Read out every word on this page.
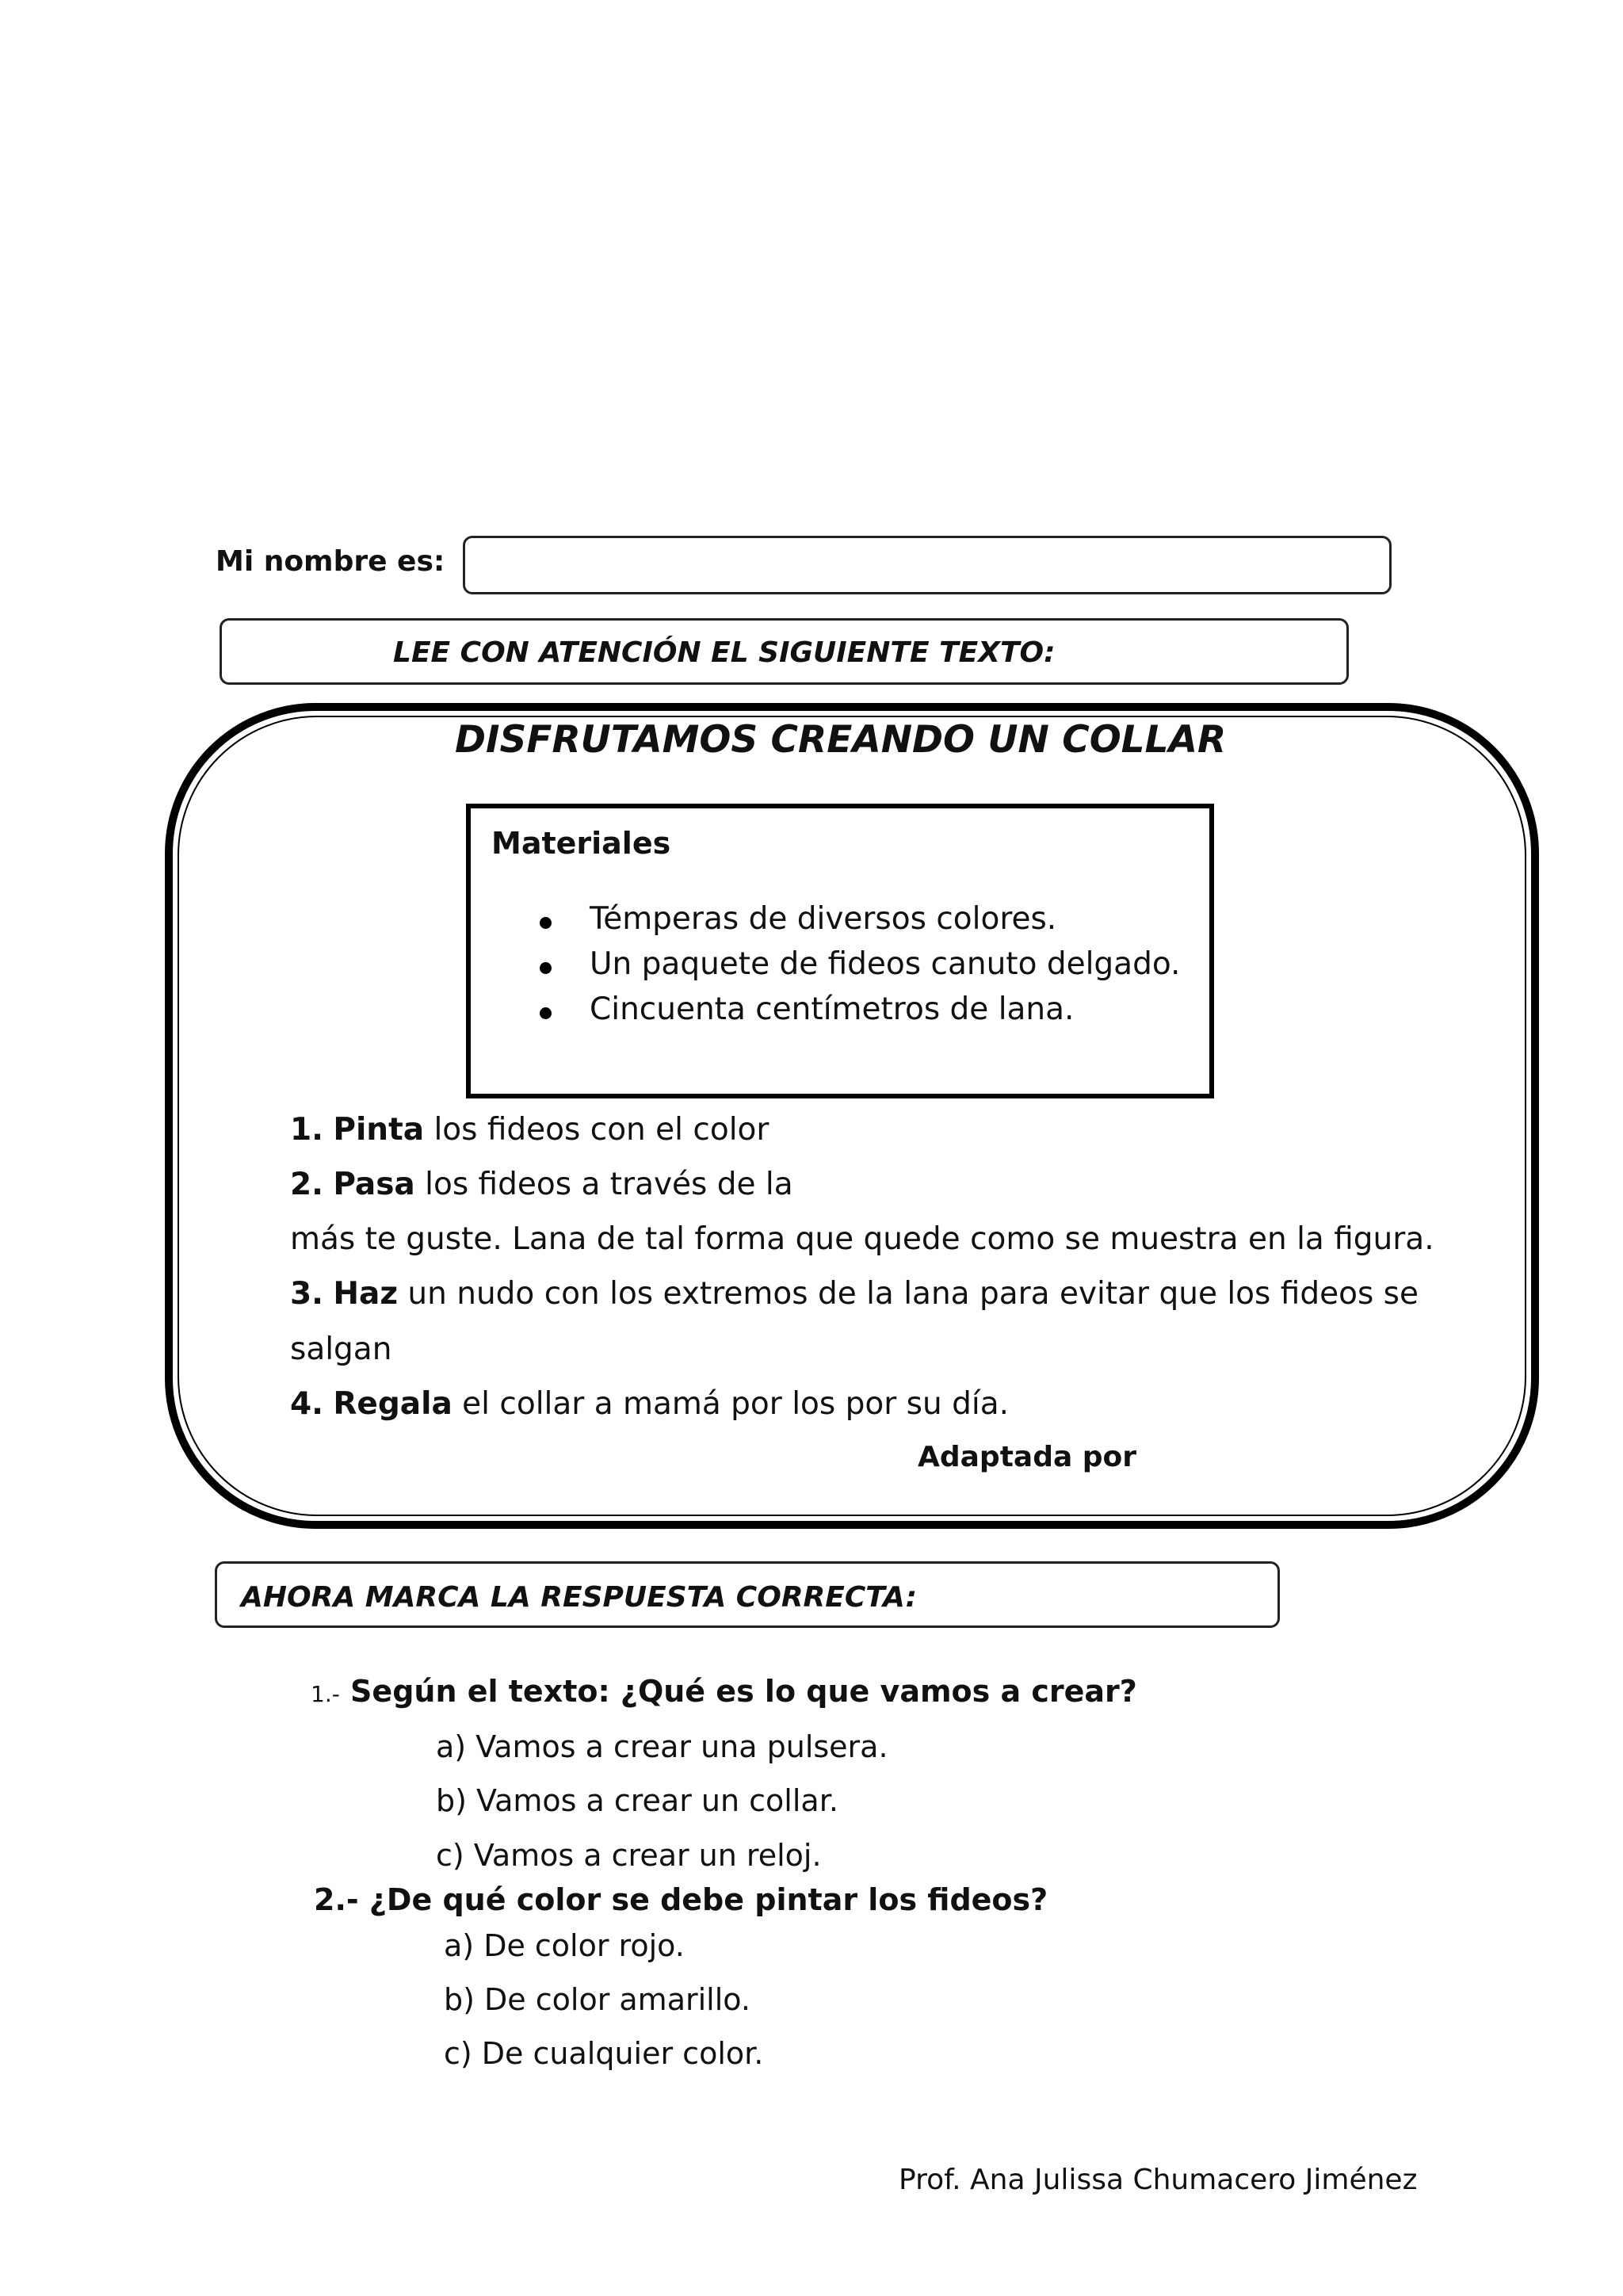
Mi nombre es:
LEE CON ATENCIÓN EL SIGUIENTE TEXTO:
DISFRUTAMOS CREANDO UN COLLAR
Materiales
Témperas de diversos colores.
Un paquete de fideos canuto delgado.
Cincuenta centímetros de lana.
1. Pinta los fideos con el color
2. Pasa los fideos a través de la
más te guste. Lana de tal forma que quede como se muestra en la figura.
3. Haz un nudo con los extremos de la lana para evitar que los fideos se
salgan
4. Regala el collar a mamá por los por su día.
Adaptada por
AHORA MARCA LA RESPUESTA CORRECTA:
1.- Según el texto: ¿Qué es lo que vamos a crear?
a) Vamos a crear una pulsera.
b) Vamos a crear un collar.
c) Vamos a crear un reloj.
2.- ¿De qué color se debe pintar los fideos?
a) De color rojo.
b) De color amarillo.
c) De cualquier color.
Prof. Ana Julissa Chumacero Jiménez
